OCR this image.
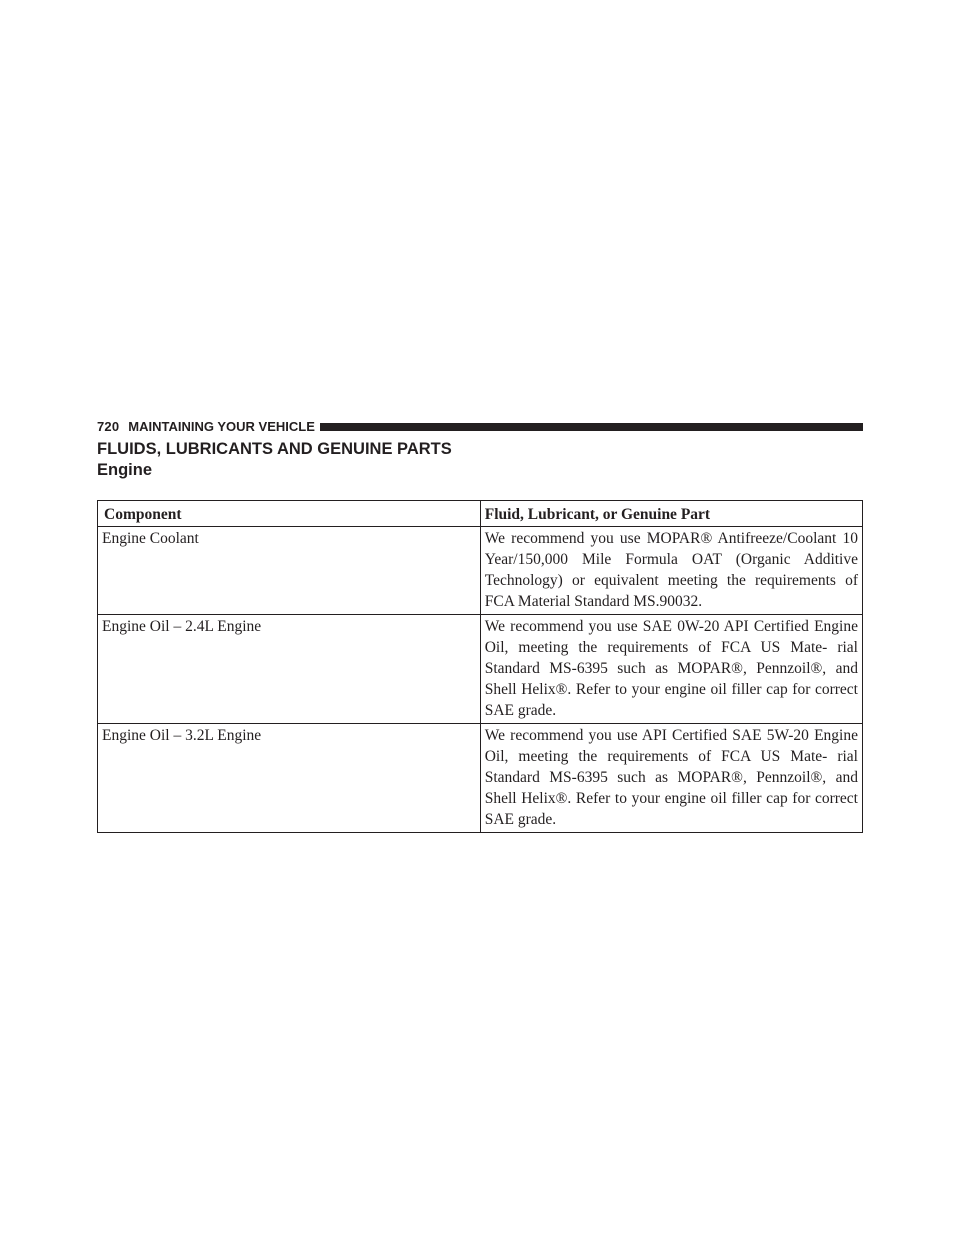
720 MAINTAINING YOUR VEHICLE
FLUIDS, LUBRICANTS AND GENUINE PARTS
Engine
Component	Fluid, Lubricant, or Genuine Part
Engine Coolant	We recommend you use MOPAR® Antifreeze/Coolant 10 Year/150,000 Mile Formula OAT (Organic Additive Technology) or equivalent meeting the requirements of FCA Material Standard MS.90032.
Engine Oil – 2.4L Engine	We recommend you use SAE 0W-20 API Certified Engine Oil, meeting the requirements of FCA US Mate- rial Standard MS-6395 such as MOPAR®, Pennzoil®, and Shell Helix®. Refer to your engine oil filler cap for correct SAE grade.
Engine Oil – 3.2L Engine	We recommend you use API Certified SAE 5W-20 Engine Oil, meeting the requirements of FCA US Mate- rial Standard MS-6395 such as MOPAR®, Pennzoil®, and Shell Helix®. Refer to your engine oil filler cap for correct SAE grade.
